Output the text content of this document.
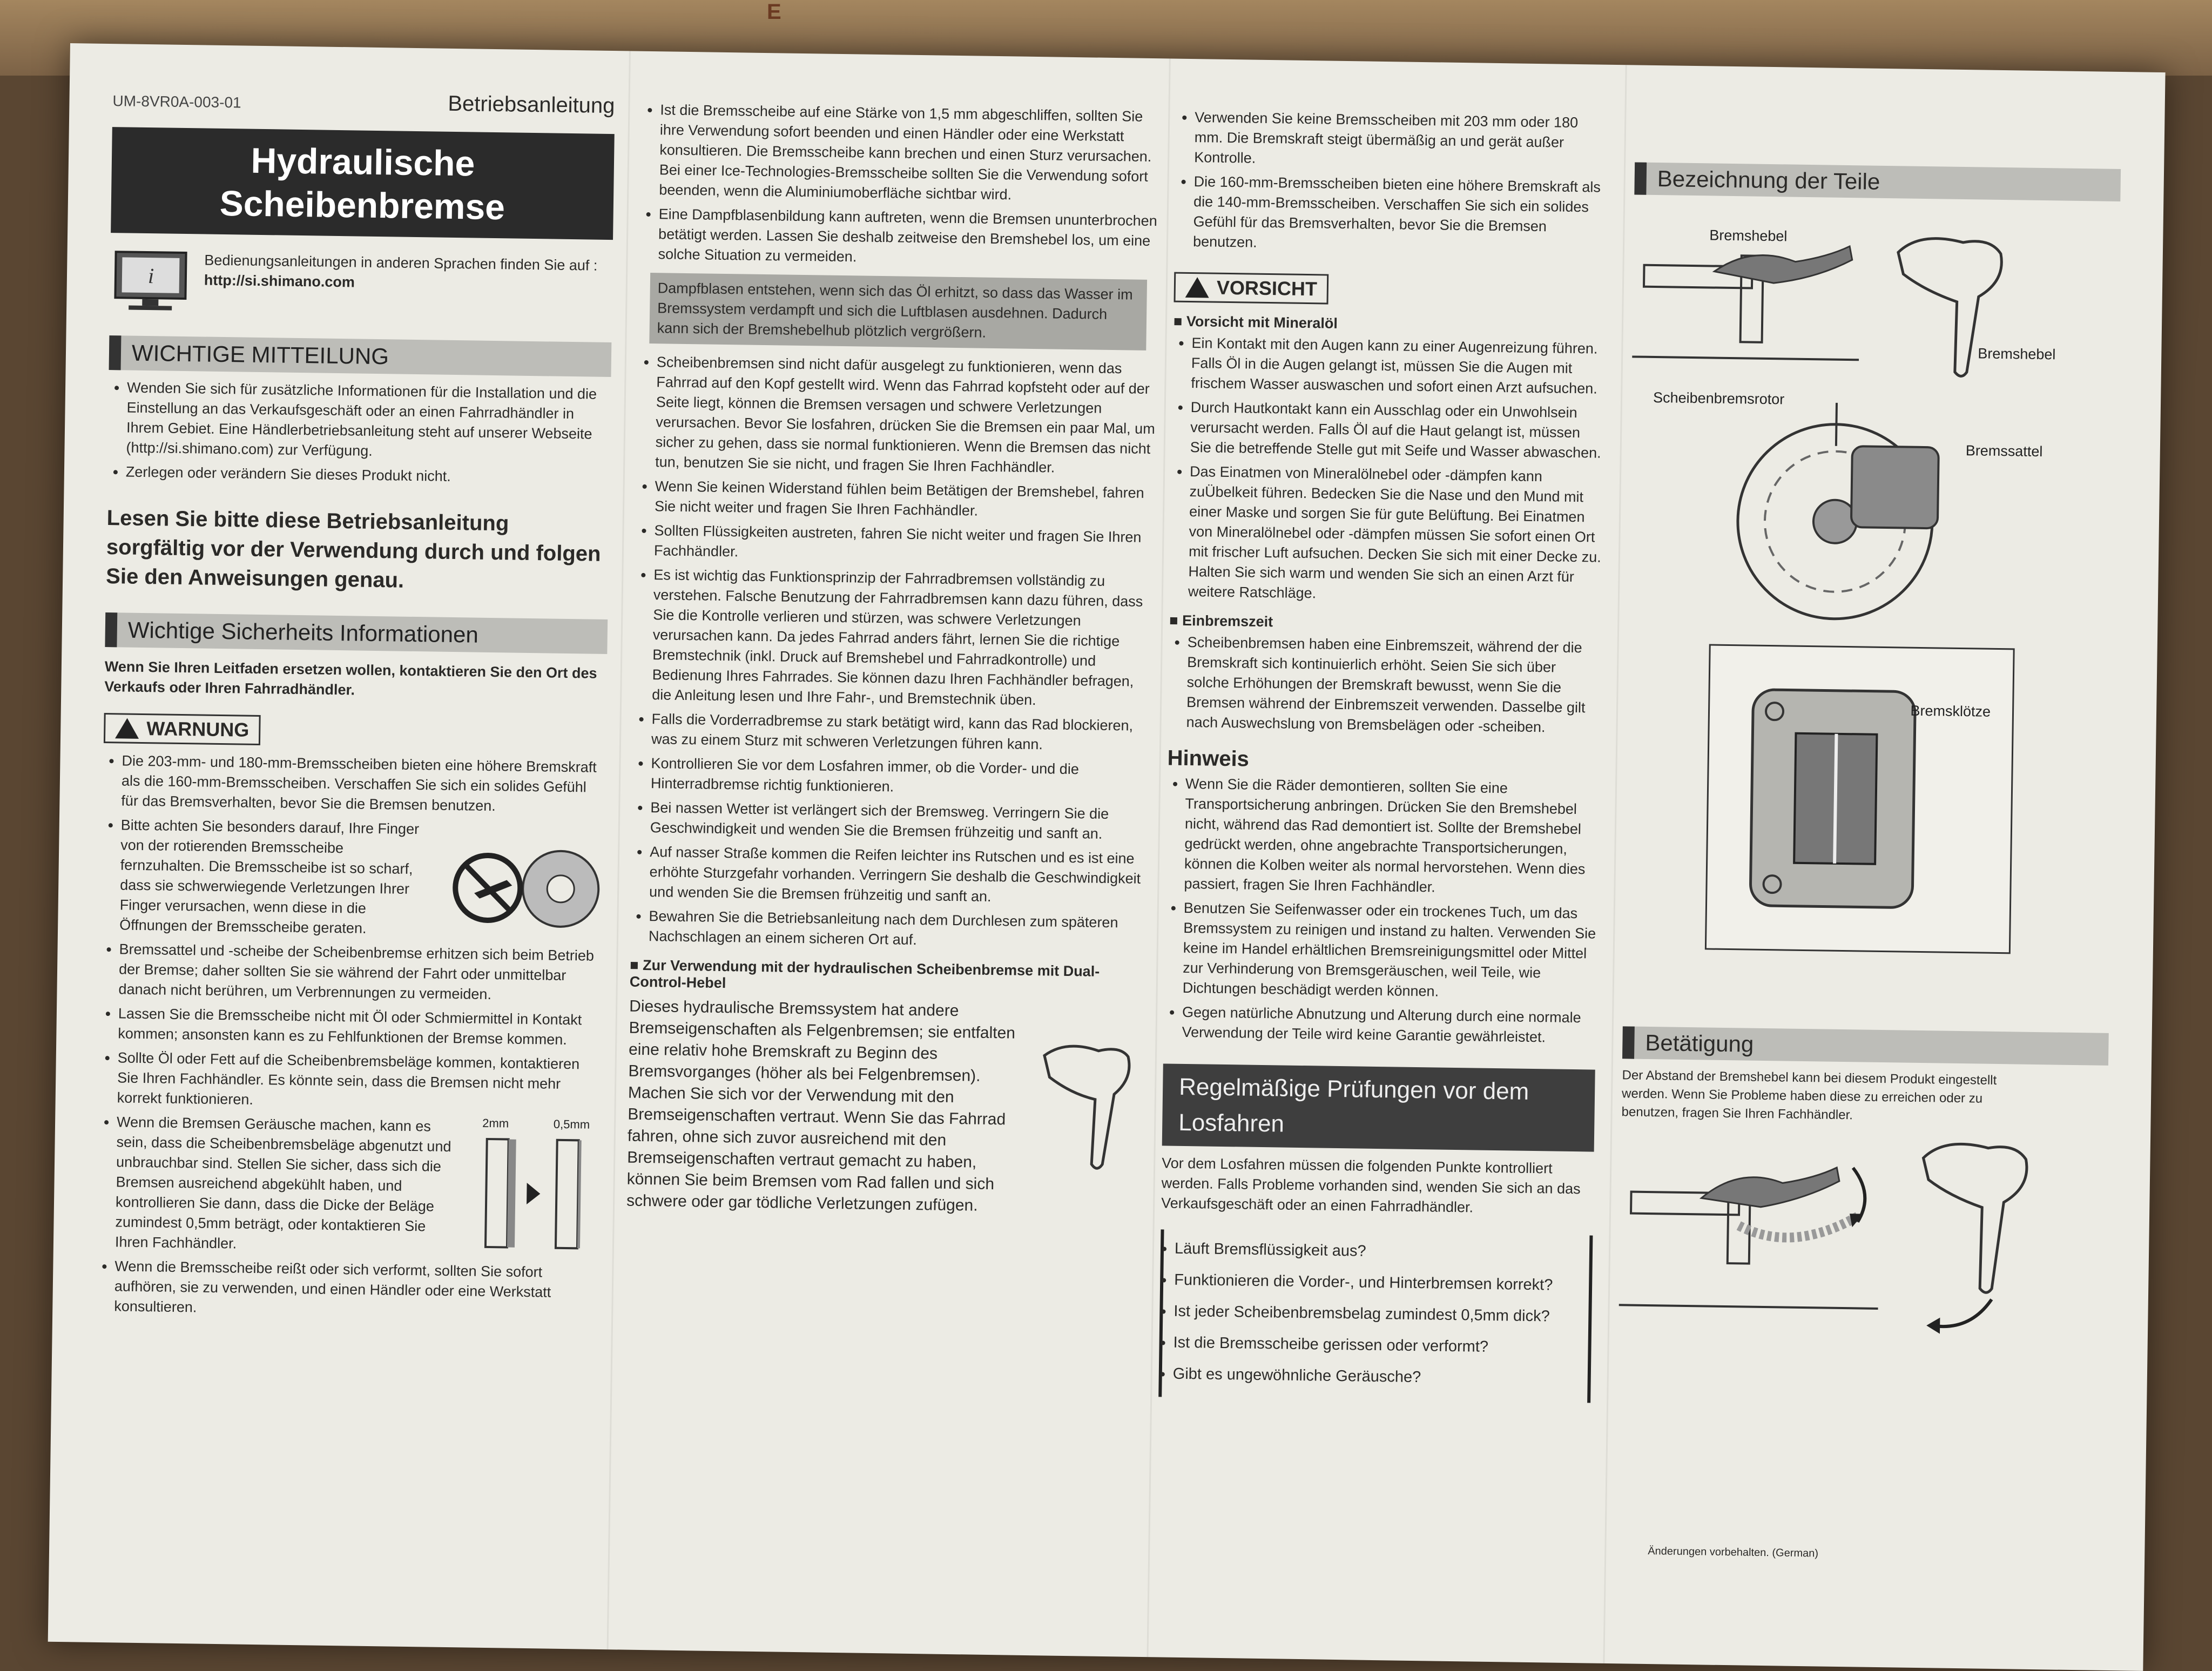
E
UM-8VR0A-003-01	Betriebsanleitung
Hydraulische
Scheibenbremse
i

Bedienungsanleitungen in anderen Sprachen finden Sie auf :

http://si.shimano.com

WICHTIGE MITTEILUNG
• Wenden Sie sich für zusätzliche Informationen für die Installation und die Einstellung an das Verkaufsgeschäft oder an einen Fahrradhändler in Ihrem Gebiet. Eine Händlerbetriebsanleitung steht auf unserer Webseite (http://si.shimano.com) zur Verfügung.
• Zerlegen oder verändern Sie dieses Produkt nicht.

Lesen Sie bitte diese Betriebsanleitung sorgfältig vor der Verwendung durch und folgen Sie den Anweisungen genau.

Wichtige Sicherheits Informationen

Wenn Sie Ihren Leitfaden ersetzen wollen, kontaktieren Sie den Ort des Verkaufs oder Ihren Fahrradhändler.

WARNUNG
• Die 203-mm- und 180-mm-Bremsscheiben bieten eine höhere Bremskraft als die 160-mm-Bremsscheiben. Verschaffen Sie sich ein solides Gefühl für das Bremsverhalten, bevor Sie die Bremsen benutzen.
• Bitte achten Sie besonders darauf, Ihre Finger von der rotierenden Bremsscheibe fernzuhalten. Die Bremsscheibe ist so scharf, dass sie schwerwiegende Verletzungen Ihrer Finger verursachen, wenn diese in die Öffnungen der Bremsscheibe geraten.
• Bremssattel und -scheibe der Scheibenbremse erhitzen sich beim Betrieb der Bremse; daher sollten Sie sie während der Fahrt oder unmittelbar danach nicht berühren, um Verbrennungen zu vermeiden.
• Lassen Sie die Bremsscheibe nicht mit Öl oder Schmiermittel in Kontakt kommen; ansonsten kann es zu Fehlfunktionen der Bremse kommen.
• Sollte Öl oder Fett auf die Scheibenbremsbeläge kommen, kontaktieren Sie Ihren Fachhändler. Es könnte sein, dass die Bremsen nicht mehr korrekt funktionieren.
• Wenn die Bremsen Geräusche machen, kann es sein, dass die Scheibenbremsbeläge abgenutzt und unbrauchbar sind. Stellen Sie sicher, dass sich die Bremsen ausreichend abgekühlt haben, und kontrollieren Sie dann, dass die Dicke der Beläge zumindest 0,5mm beträgt, oder kontaktieren Sie Ihren Fachhändler.
2mm	0,5mm
• Wenn die Bremsscheibe reißt oder sich verformt, sollten Sie sofort aufhören, sie zu verwenden, und einen Händler oder eine Werkstatt konsultieren.
• Ist die Bremsscheibe auf eine Stärke von 1,5 mm abgeschliffen, sollten Sie ihre Verwendung sofort beenden und einen Händler oder eine Werkstatt konsultieren. Die Bremsscheibe kann brechen und einen Sturz verursachen. Bei einer Ice-Technologies-Bremsscheibe sollten Sie die Verwendung sofort beenden, wenn die Aluminiumoberfläche sichtbar wird.
• Eine Dampfblasenbildung kann auftreten, wenn die Bremsen ununterbrochen betätigt werden. Lassen Sie deshalb zeitweise den Bremshebel los, um eine solche Situation zu vermeiden.
Dampfblasen entstehen, wenn sich das Öl erhitzt, so dass das Wasser im Bremssystem verdampft und sich die Luftblasen ausdehnen. Dadurch kann sich der Bremshebelhub plötzlich vergrößern.
• Scheibenbremsen sind nicht dafür ausgelegt zu funktionieren, wenn das Fahrrad auf den Kopf gestellt wird. Wenn das Fahrrad kopfsteht oder auf der Seite liegt, können die Bremsen versagen und schwere Verletzungen verursachen. Bevor Sie losfahren, drücken Sie die Bremsen ein paar Mal, um sicher zu gehen, dass sie normal funktionieren. Wenn die Bremsen das nicht tun, benutzen Sie sie nicht, und fragen Sie Ihren Fachhändler.
• Wenn Sie keinen Widerstand fühlen beim Betätigen der Bremshebel, fahren Sie nicht weiter und fragen Sie Ihren Fachhändler.
• Sollten Flüssigkeiten austreten, fahren Sie nicht weiter und fragen Sie Ihren Fachhändler.
• Es ist wichtig das Funktionsprinzip der Fahrradbremsen vollständig zu verstehen. Falsche Benutzung der Fahrradbremsen kann dazu führen, dass Sie die Kontrolle verlieren und stürzen, was schwere Verletzungen verursachen kann. Da jedes Fahrrad anders fährt, lernen Sie die richtige Bremstechnik (inkl. Druck auf Bremshebel und Fahrradkontrolle) und Bedienung Ihres Fahrrades. Sie können dazu Ihren Fachhändler befragen, die Anleitung lesen und Ihre Fahr-, und Bremstechnik üben.
• Falls die Vorderradbremse zu stark betätigt wird, kann das Rad blockieren, was zu einem Sturz mit schweren Verletzungen führen kann.
• Kontrollieren Sie vor dem Losfahren immer, ob die Vorder- und die Hinterradbremse richtig funktionieren.
• Bei nassen Wetter ist verlängert sich der Bremsweg. Verringern Sie die Geschwindigkeit und wenden Sie die Bremsen frühzeitig und sanft an.
• Auf nasser Straße kommen die Reifen leichter ins Rutschen und es ist eine erhöhte Sturzgefahr vorhanden. Verringern Sie deshalb die Geschwindigkeit und wenden Sie die Bremsen frühzeitig und sanft an.
• Bewahren Sie die Betriebsanleitung nach dem Durchlesen zum späteren Nachschlagen an einem sicheren Ort auf.

■ Zur Verwendung mit der hydraulischen Scheibenbremse mit Dual-Control-Hebel

Dieses hydraulische Bremssystem hat andere Bremseigenschaften als Felgenbremsen; sie entfalten eine relativ hohe Bremskraft zu Beginn des Bremsvorganges (höher als bei Felgenbremsen). Machen Sie sich vor der Verwendung mit den Bremseigenschaften vertraut. Wenn Sie das Fahrrad fahren, ohne sich zuvor ausreichend mit den Bremseigenschaften vertraut gemacht zu haben, können Sie beim Bremsen vom Rad fallen und sich schwere oder gar tödliche Verletzungen zufügen.

• Verwenden Sie keine Bremsscheiben mit 203 mm oder 180 mm. Die Bremskraft steigt übermäßig an und gerät außer Kontrolle.
• Die 160-mm-Bremsscheiben bieten eine höhere Bremskraft als die 140-mm-Bremsscheiben. Verschaffen Sie sich ein solides Gefühl für das Bremsverhalten, bevor Sie die Bremsen benutzen.
VORSICHT

■ Vorsicht mit Mineralöl

• Ein Kontakt mit den Augen kann zu einer Augenreizung führen. Falls Öl in die Augen gelangt ist, müssen Sie die Augen mit frischem Wasser auswaschen und sofort einen Arzt aufsuchen.
• Durch Hautkontakt kann ein Ausschlag oder ein Unwohlsein verursacht werden. Falls Öl auf die Haut gelangt ist, müssen Sie die betreffende Stelle gut mit Seife und Wasser abwaschen.
• Das Einatmen von Mineralölnebel oder -dämpfen kann zuÜbelkeit führen. Bedecken Sie die Nase und den Mund mit einer Maske und sorgen Sie für gute Belüftung. Bei Einatmen von Mineralölnebel oder -dämpfen müssen Sie sofort einen Ort mit frischer Luft aufsuchen. Decken Sie sich mit einer Decke zu. Halten Sie sich warm und wenden Sie sich an einen Arzt für weitere Ratschläge.

■ Einbremszeit

• Scheibenbremsen haben eine Einbremszeit, während der die Bremskraft sich kontinuierlich erhöht. Seien Sie sich über solche Erhöhungen der Bremskraft bewusst, wenn Sie die Bremsen während der Einbremszeit verwenden. Dasselbe gilt nach Auswechslung von Bremsbelägen oder -scheiben.

Hinweis

• Wenn Sie die Räder demontieren, sollten Sie eine Transportsicherung anbringen. Drücken Sie den Bremshebel nicht, während das Rad demontiert ist. Sollte der Bremshebel gedrückt werden, ohne angebrachte Transportsicherungen, können die Kolben weiter als normal hervorstehen. Wenn dies passiert, fragen Sie Ihren Fachhändler.
• Benutzen Sie Seifenwasser oder ein trockenes Tuch, um das Bremssystem zu reinigen und instand zu halten. Verwenden Sie keine im Handel erhältlichen Bremsreinigungsmittel oder Mittel zur Verhinderung von Bremsgeräuschen, weil Teile, wie Dichtungen beschädigt werden können.
• Gegen natürliche Abnutzung und Alterung durch eine normale Verwendung der Teile wird keine Garantie gewährleistet.
Regelmäßige Prüfungen vor dem
Losfahren

Vor dem Losfahren müssen die folgenden Punkte kontrolliert werden. Falls Probleme vorhanden sind, wenden Sie sich an das Verkaufsgeschäft oder an einen Fahrradhändler.

• Läuft Bremsflüssigkeit aus?
• Funktionieren die Vorder-, und Hinterbremsen korrekt?
• Ist jeder Scheibenbremsbelag zumindest 0,5mm dick?
• Ist die Bremsscheibe gerissen oder verformt?
• Gibt es ungewöhnliche Geräusche?
Bezeichnung der Teile
Bremshebel
Bremshebel
Scheibenbremsrotor
Bremssattel
Bremsklötze
Betätigung

Der Abstand der Bremshebel kann bei diesem Produkt eingestellt werden. Wenn Sie Probleme haben diese zu erreichen oder zu benutzen, fragen Sie Ihren Fachhändler.

Änderungen vorbehalten. (German)
